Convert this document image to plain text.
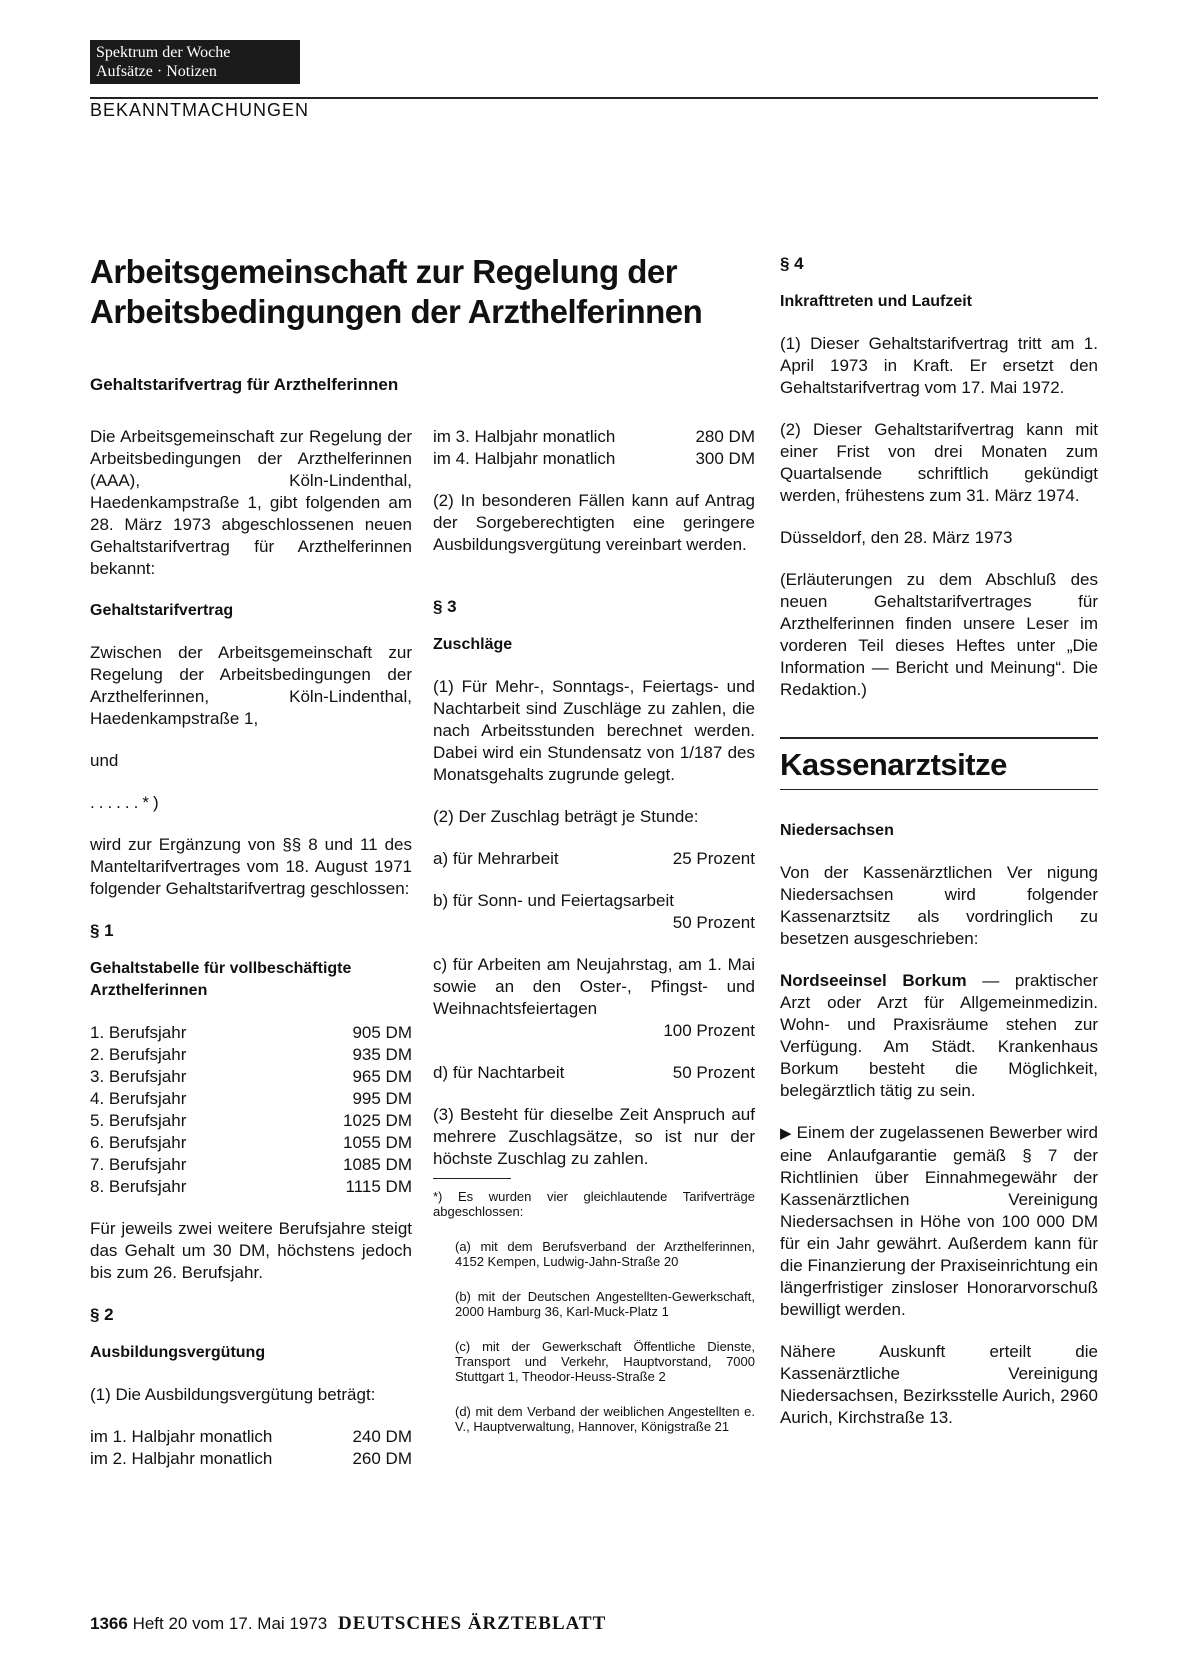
Spektrum der Woche
Aufsätze · Notizen
BEKANNTMACHUNGEN
Arbeitsgemeinschaft zur Regelung der
Arbeitsbedingungen der Arzthelferinnen
Gehaltstarifvertrag für Arzthelferinnen

Die Arbeitsgemeinschaft zur Regelung der Arbeitsbedingungen der Arzthelferinnen (AAA), Köln-Lindenthal, Haedenkampstraße 1, gibt folgenden am 28. März 1973 abgeschlossenen neuen Gehaltstarifvertrag für Arzthelferinnen bekannt:

Gehaltstarifvertrag

Zwischen der Arbeitsgemeinschaft zur Regelung der Arbeitsbedingungen der Arzthelferinnen, Köln-Lindenthal, Haedenkampstraße 1,

und

......*)

wird zur Ergänzung von §§ 8 und 11 des Manteltarifvertrages vom 18. August 1971 folgender Gehaltstarifvertrag geschlossen:

§ 1
Gehaltstabelle für vollbeschäftigte Arzthelferinnen
1. Berufsjahr	905 DM
2. Berufsjahr	935 DM
3. Berufsjahr	965 DM
4. Berufsjahr	995 DM
5. Berufsjahr	1025 DM
6. Berufsjahr	1055 DM
7. Berufsjahr	1085 DM
8. Berufsjahr	1115 DM

Für jeweils zwei weitere Berufsjahre steigt das Gehalt um 30 DM, höchstens jedoch bis zum 26. Berufsjahr.

§ 2
Ausbildungsvergütung

(1) Die Ausbildungsvergütung beträgt:

im 1. Halbjahr monatlich	240 DM
im 2. Halbjahr monatlich	260 DM
im 3. Halbjahr monatlich	280 DM
im 4. Halbjahr monatlich	300 DM

(2) In besonderen Fällen kann auf Antrag der Sorgeberechtigten eine geringere Ausbildungsvergütung vereinbart werden.

§ 3
Zuschläge

(1) Für Mehr-, Sonntags-, Feiertags- und Nachtarbeit sind Zuschläge zu zahlen, die nach Arbeitsstunden berechnet werden. Dabei wird ein Stundensatz von 1/187 des Monatsgehalts zugrunde gelegt.

(2) Der Zuschlag beträgt je Stunde:

a) für Mehrarbeit	25 Prozent

b) für Sonn- und Feiertagsarbeit
50 Prozent
c) für Arbeiten am Neujahrstag, am 1. Mai sowie an den Oster-, Pfingst- und Weihnachtsfeiertagen
100 Prozent

d) für Nachtarbeit	50 Prozent

(3) Besteht für dieselbe Zeit Anspruch auf mehrere Zuschlagsätze, so ist nur der höchste Zuschlag zu zahlen.

*) Es wurden vier gleichlautende Tarifverträge abgeschlossen:

(a) mit dem Berufsverband der Arzthelferinnen, 4152 Kempen, Ludwig-Jahn-Straße 20

(b) mit der Deutschen Angestellten-Gewerkschaft, 2000 Hamburg 36, Karl-Muck-Platz 1

(c) mit der Gewerkschaft Öffentliche Dienste, Transport und Verkehr, Hauptvorstand, 7000 Stuttgart 1, Theodor-Heuss-Straße 2

(d) mit dem Verband der weiblichen Angestellten e. V., Hauptverwaltung, Hannover, Königstraße 21

§ 4
Inkrafttreten und Laufzeit

(1) Dieser Gehaltstarifvertrag tritt am 1. April 1973 in Kraft. Er ersetzt den Gehaltstarifvertrag vom 17. Mai 1972.

(2) Dieser Gehaltstarifvertrag kann mit einer Frist von drei Monaten zum Quartalsende schriftlich gekündigt werden, frühestens zum 31. März 1974.

Düsseldorf, den 28. März 1973

(Erläuterungen zu dem Abschluß des neuen Gehaltstarifvertrages für Arzthelferinnen finden unsere Leser im vorderen Teil dieses Heftes unter „Die Information — Bericht und Meinung“. Die Redaktion.)

Kassenarztsitze
Niedersachsen

Von der Kassenärztlichen Ver nigung Niedersachsen wird folgender Kassenarztsitz als vordringlich zu besetzen ausgeschrieben:

Nordseeinsel Borkum — praktischer Arzt oder Arzt für Allgemeinmedizin. Wohn- und Praxisräume stehen zur Verfügung. Am Städt. Krankenhaus Borkum besteht die Möglichkeit, belegärztlich tätig zu sein.

▶ Einem der zugelassenen Bewerber wird eine Anlaufgarantie gemäß § 7 der Richtlinien über Einnahmegewähr der Kassenärztlichen Vereinigung Niedersachsen in Höhe von 100 000 DM für ein Jahr gewährt. Außerdem kann für die Finanzierung der Praxiseinrichtung ein längerfristiger zinsloser Honorarvorschuß bewilligt werden.

Nähere Auskunft erteilt die Kassenärztliche Vereinigung Niedersachsen, Bezirksstelle Aurich, 2960 Aurich, Kirchstraße 13.

1366 Heft 20 vom 17. Mai 1973 DEUTSCHES ÄRZTEBLATT
